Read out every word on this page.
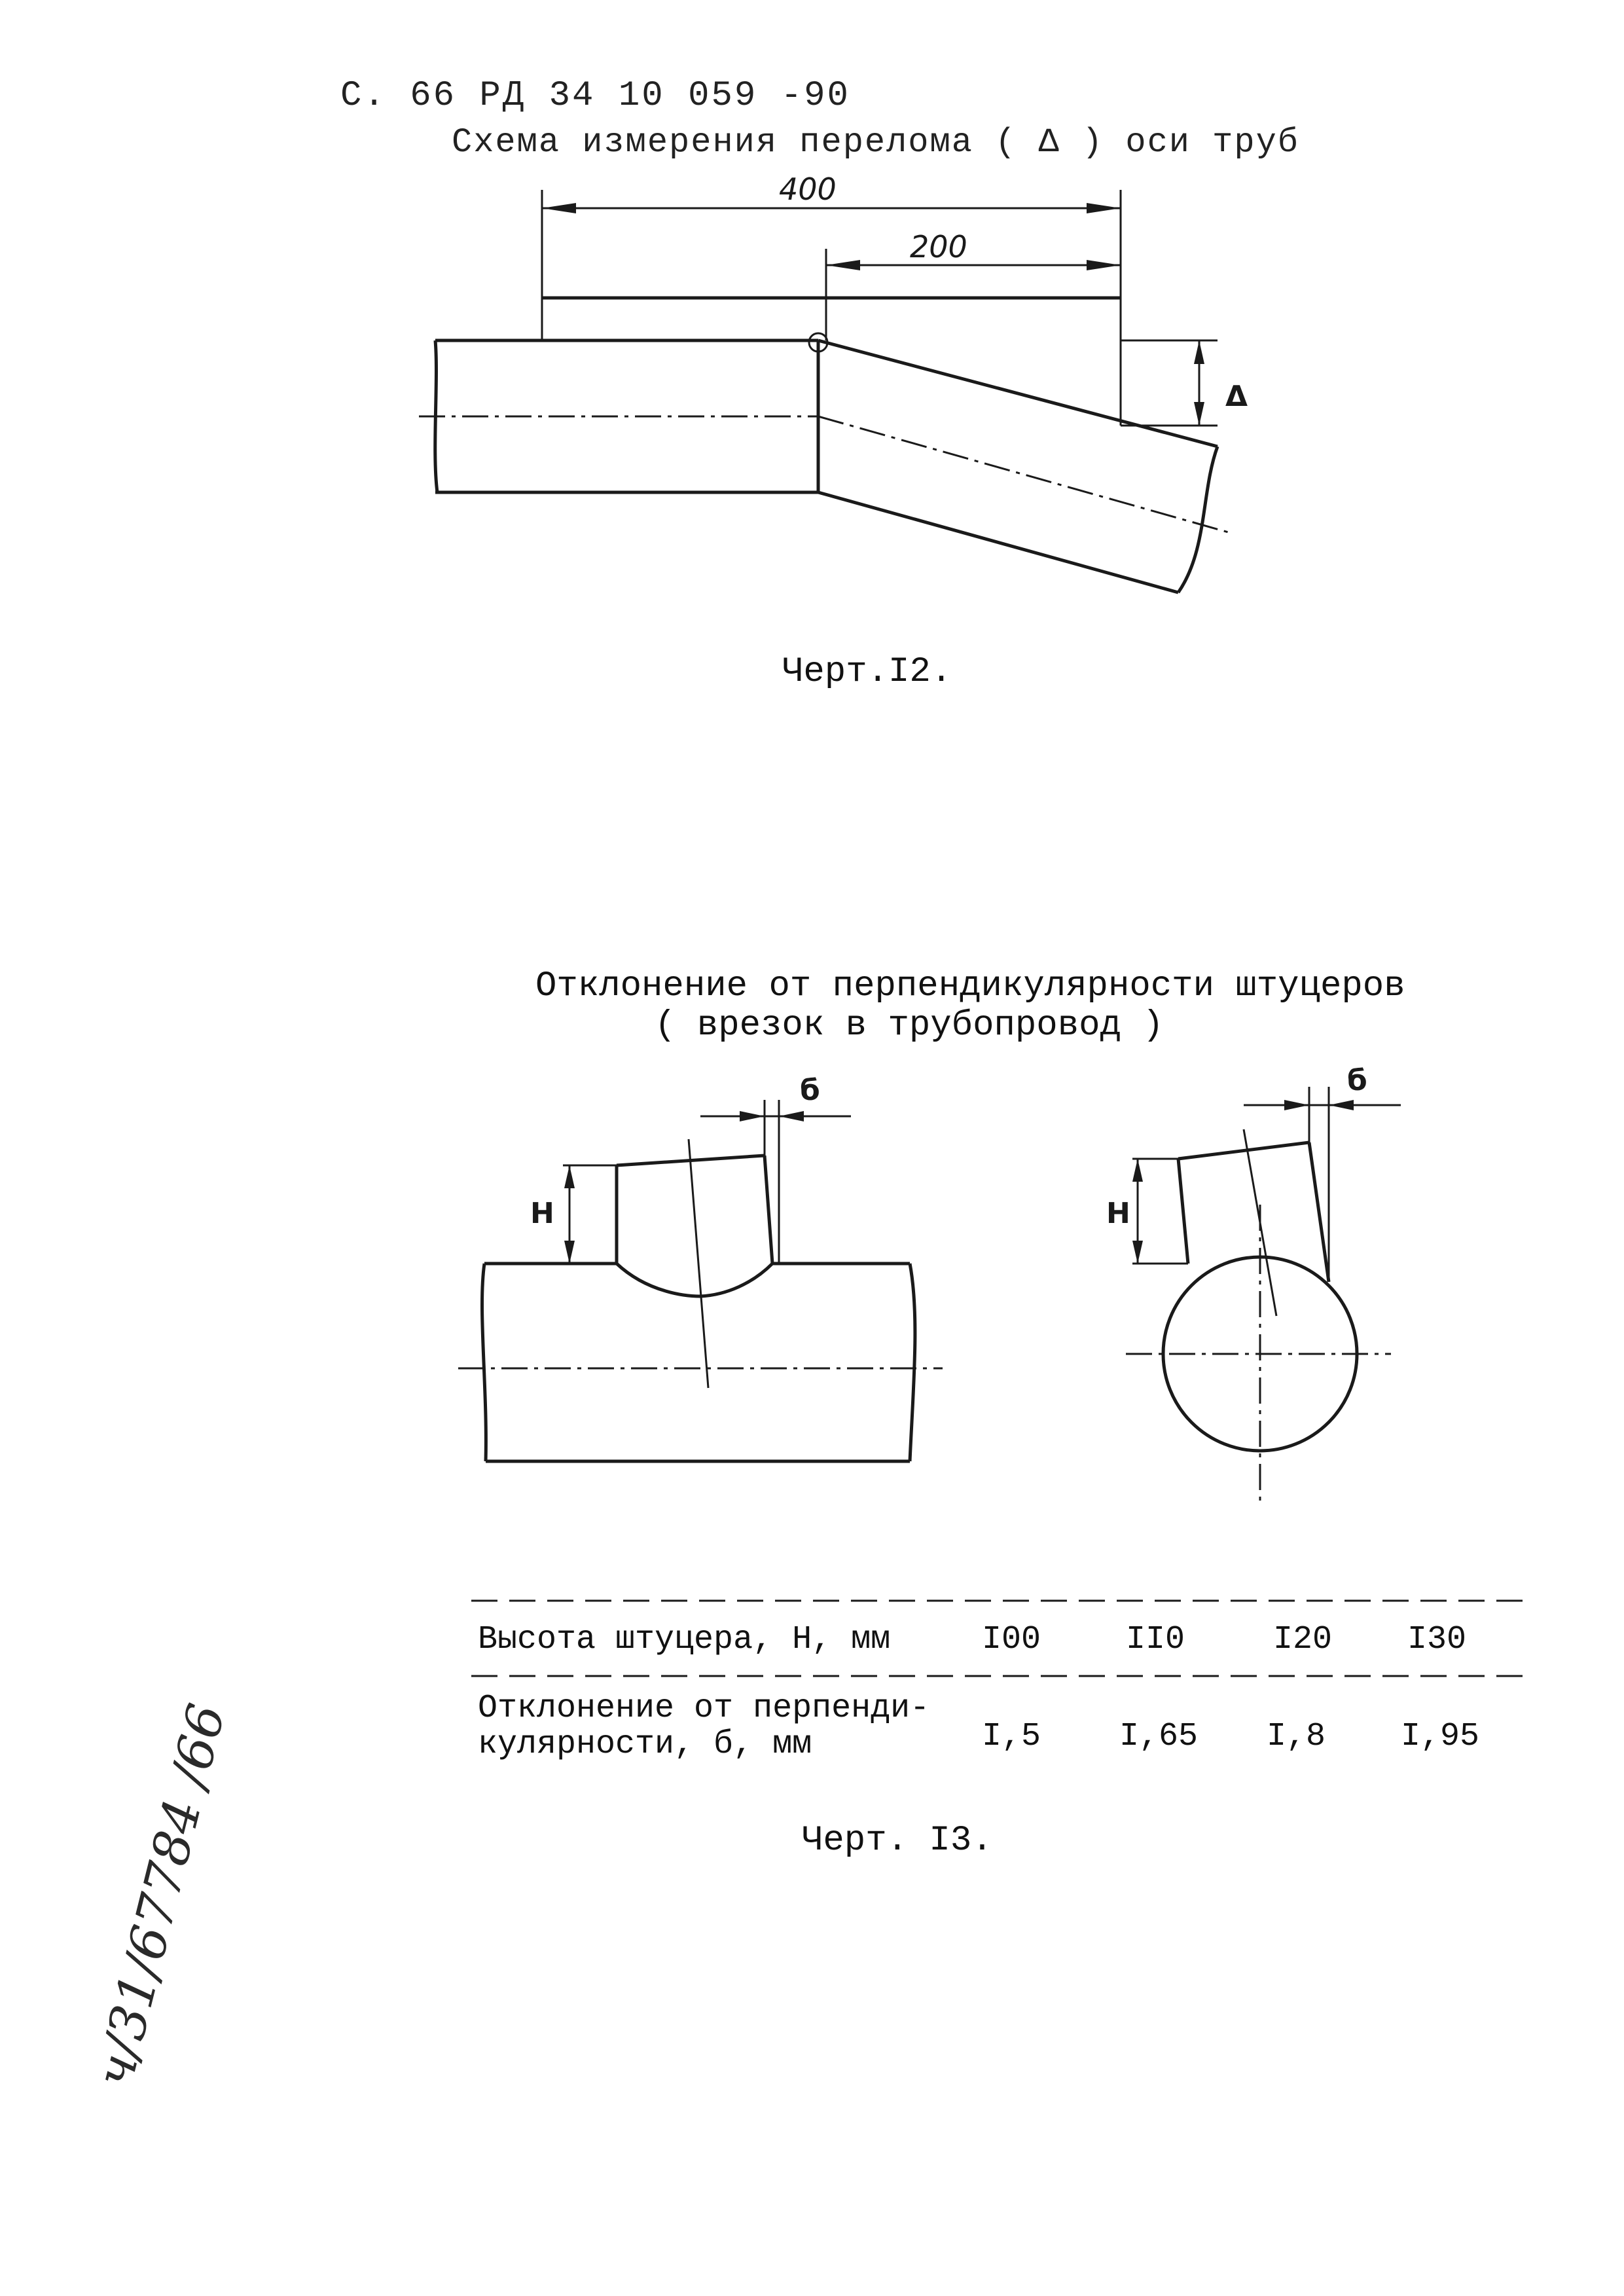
С. 66 РД 34 10 059 -90
Схема измерения перелома ( Δ ) оси труб
400
200
Δ
Н
б
Н
б
Черт.I2.
Отклонение от перпендикулярности штуцеров
( врезок в трубопровод )
Высота штуцера, Н, мм	I00	II0	I20 I30
Отклонение от перпенди-
кулярности, б, мм	I,5 I,65 I,8 I,95
Черт. I3.
ч/31/67784 /66
